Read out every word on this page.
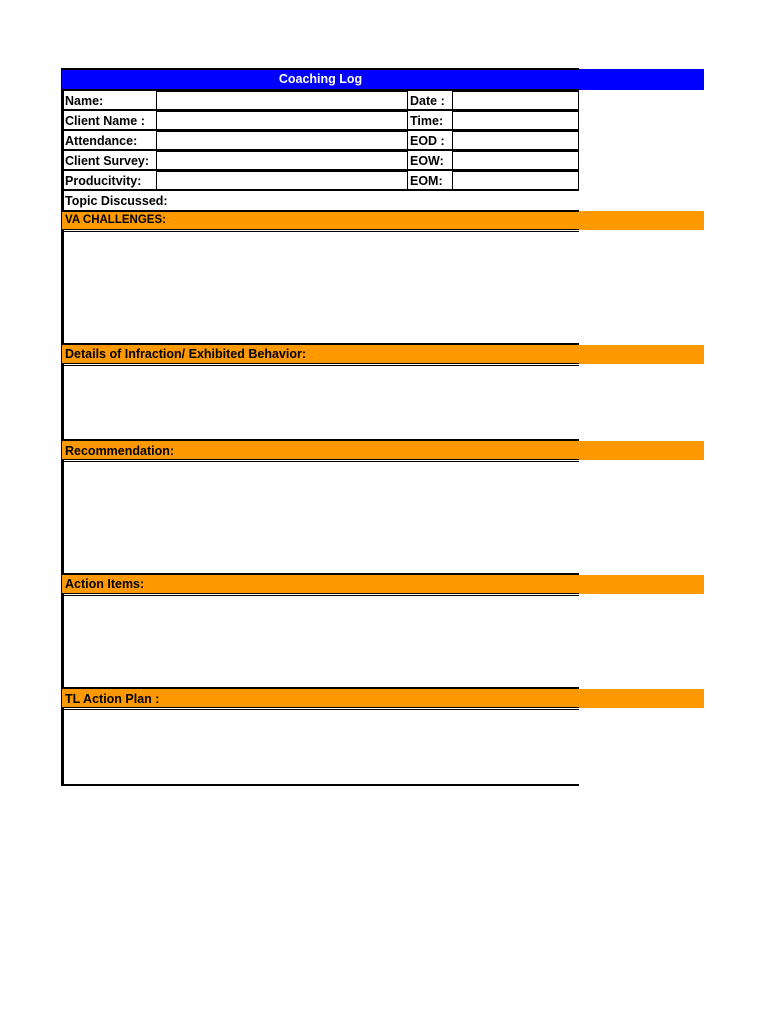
Coaching Log
Name:	Date :
Client Name :	Time:
Attendance:	EOD :
Client Survey:	EOW:
Producitvity:	EOM:
Topic Discussed:
VA CHALLENGES:
Details of Infraction/ Exhibited Behavior:
Recommendation:
Action Items:
TL Action Plan :
